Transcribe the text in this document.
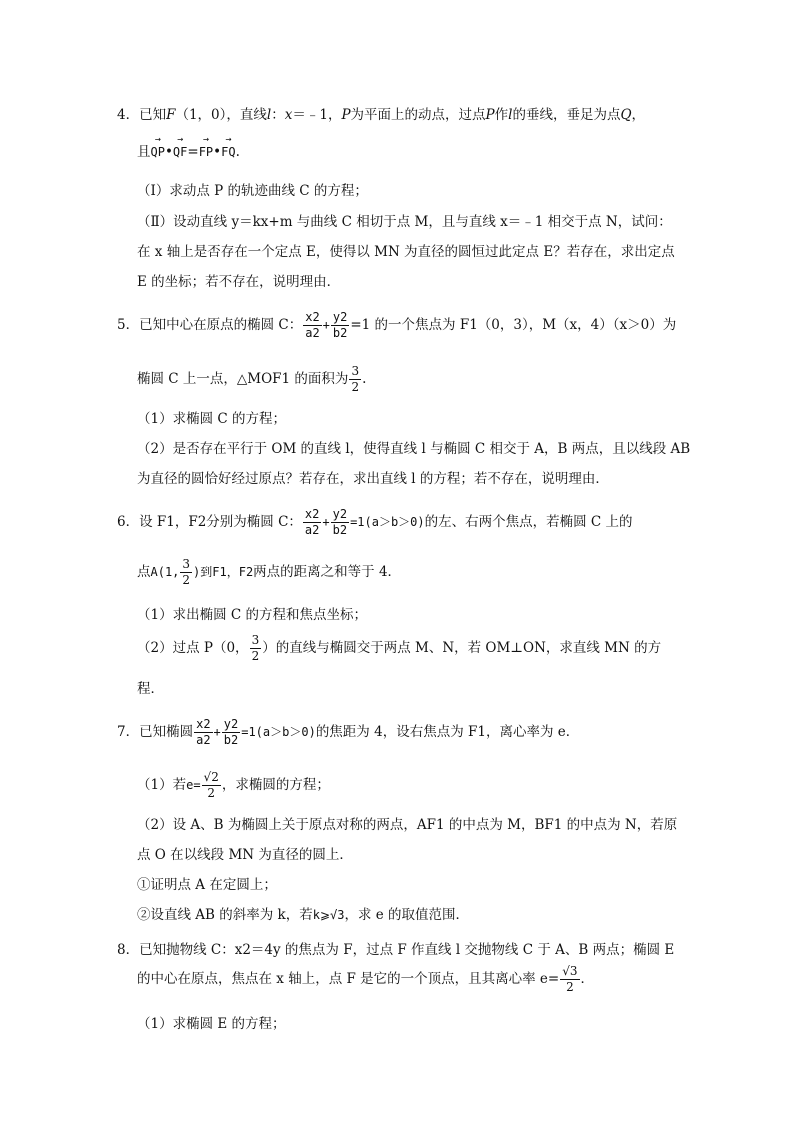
4．已知F（1，0），直线l：x＝﹣1，P为平面上的动点，过点P作l的垂线，垂足为点Q，
且→ QP•→ QF=→ FP•→ FQ.
（Ⅰ）求动点 P 的轨迹曲线 C 的方程；
（Ⅱ）设动直线 y＝kx+m 与曲线 C 相切于点 M，且与直线 x＝﹣1 相交于点 N，试问：
在 x 轴上是否存在一个定点 E，使得以 MN 为直径的圆恒过此定点 E？若存在，求出定点
E 的坐标；若不存在，说明理由．
5．已知中心在原点的椭圆 C： $\frac{x2}{a2} + \frac{y2}{b2} =1$ 的一个焦点为 F1（0，3），M（x，4）（x＞0）为
椭圆 C 上一点，△MOF1 的面积为 $\frac{3}{2}$ .
（1）求椭圆 C 的方程；
（2）是否存在平行于 OM 的直线 l，使得直线 l 与椭圆 C 相交于 A，B 两点，且以线段 AB
为直径的圆恰好经过原点？若存在，求出直线 l 的方程；若不存在，说明理由．
6．设 F1，F2分别为椭圆 C： $\frac{x2}{a2} + \frac{y2}{b2} =1(a>b>0)$的左、右两个焦点，若椭圆 C 上的
点A(1, $\frac{3}{2}$ )到F1，F2两点的距离之和等于 4．
（1）求出椭圆 C 的方程和焦点坐标；
（2）过点 P（0， $\frac{3}{2}$ ）的直线与椭圆交于两点 M、N，若 OM⊥ON，求直线 MN 的方
程．
7．已知椭圆 $\frac{x2}{a2} + \frac{y2}{b2} =1(a>b>0)$的焦距为 4，设右焦点为 F1，离心率为 e．
（1）若$e= \frac{√2}{2}$ ，求椭圆的方程；
（2）设 A、B 为椭圆上关于原点对称的两点，AF1 的中点为 M，BF1 的中点为 N，若原
点 O 在以线段 MN 为直径的圆上．
①证明点 A 在定圆上；
②设直线 AB 的斜率为 k，若k⩾√3，求 e 的取值范围．
8．已知抛物线 C：x2＝4y 的焦点为 F，过点 F 作直线 l 交抛物线 C 于 A、B 两点；椭圆 E
的中心在原点，焦点在 x 轴上，点 F 是它的一个顶点，且其离心率 $e= \frac{√3}{2}$ ．
（1）求椭圆 E 的方程；
